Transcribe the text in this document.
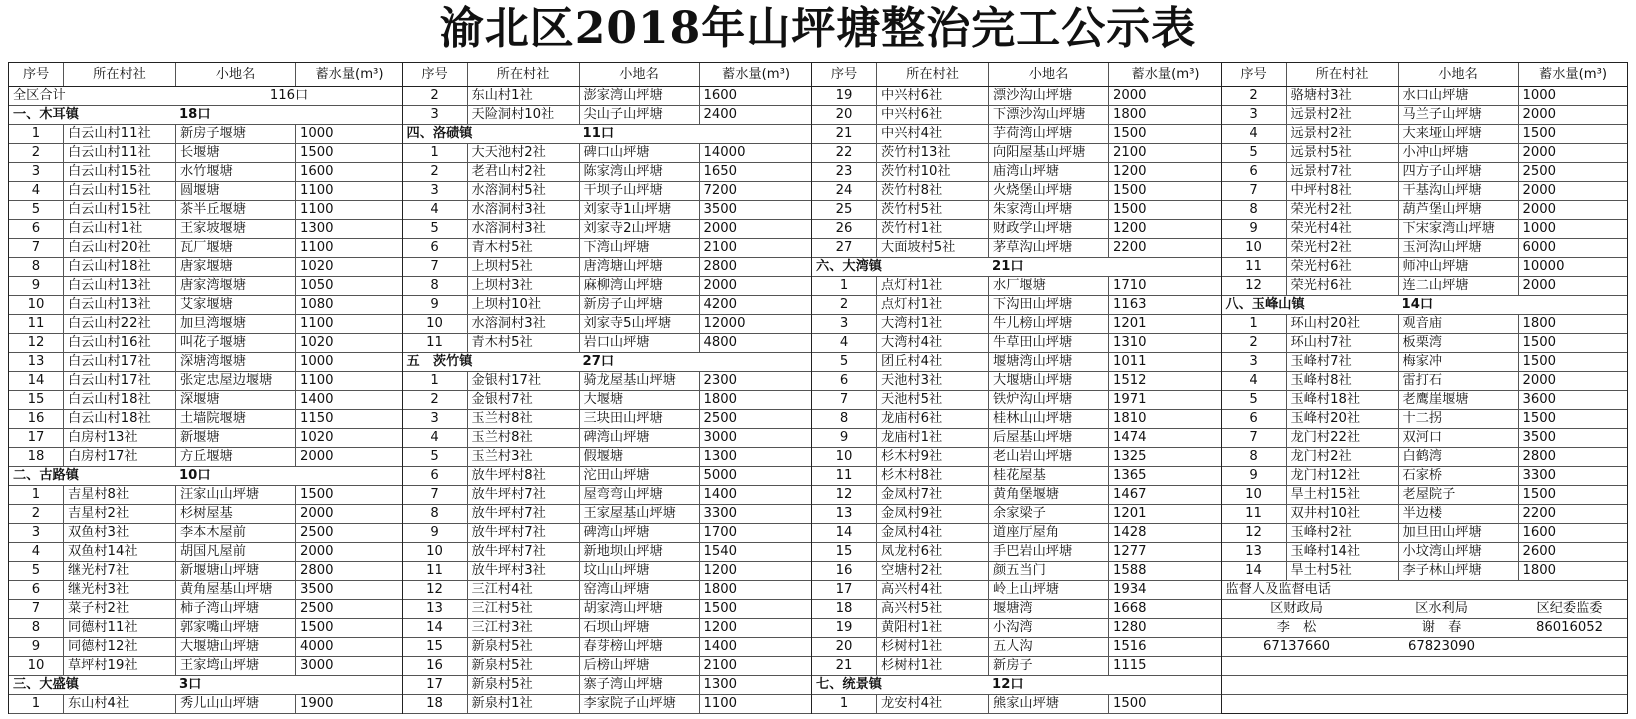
渝北区2018年山坪塘整治完工公示表
序号	所在村社	小地名	蓄水量(m³)
全区合计	116口
一、木耳镇	18口
1	白云山村11社	新房子堰塘	1000
2	白云山村11社	长堰塘	1500
3	白云山村15社	水竹堰塘	1600
4	白云山村15社	圆堰塘	1100
5	白云山村15社	茶半丘堰塘	1100
6	白云山村1社	王家坡堰塘	1300
7	白云山村20社	瓦厂堰塘	1100
8	白云山村18社	唐家堰塘	1020
9	白云山村13社	唐家湾堰塘	1050
10	白云山村13社	艾家堰塘	1080
11	白云山村22社	加旦湾堰塘	1100
12	白云山村16社	叫花子堰塘	1020
13	白云山村17社	深塘湾堰塘	1000
14	白云山村17社	张定忠屋边堰塘	1100
15	白云山村18社	深堰塘	1400
16	白云山村18社	土墙院堰塘	1150
17	白房村13社	新堰塘	1020
18	白房村17社	方丘堰塘	2000
二、古路镇	10口
1	吉星村8社	汪家山山坪塘	1500
2	吉星村2社	杉树屋基	2000
3	双鱼村3社	李本木屋前	2500
4	双鱼村14社	胡国凡屋前	2000
5	继光村7社	新堰塘山坪塘	2800
6	继光村3社	黄角屋基山坪塘	3500
7	菜子村2社	柿子湾山坪塘	2500
8	同德村11社	郭家嘴山坪塘	1500
9	同德村12社	大堰塘山坪塘	4000
10	草坪村19社	王家塆山坪塘	3000
三、大盛镇	3口
1	东山村4社	秀儿山山坪塘	1900
序号	所在村社	小地名	蓄水量(m³)
2	东山村1社	澎家湾山坪塘	1600
3	天险洞村10社	尖山子山坪塘	2400
四、洛碛镇	11口
1	大天池村2社	碑口山坪塘	14000
2	老君山村2社	陈家湾山坪塘	1650
3	水溶洞村5社	干坝子山坪塘	7200
4	水溶洞村3社	刘家寺1山坪塘	3500
5	水溶洞村3社	刘家寺2山坪塘	2000
6	青木村5社	下湾山坪塘	2100
7	上坝村5社	唐湾塘山坪塘	2800
8	上坝村3社	麻柳湾山坪塘	2000
9	上坝村10社	新房子山坪塘	4200
10	水溶洞村3社	刘家寺5山坪塘	12000
11	青木村5社	岩口山坪塘	4800
五　茨竹镇	27口
1	金银村17社	骑龙屋基山坪塘	2300
2	金银村7社	大堰塘	1800
3	玉兰村8社	三块田山坪塘	2500
4	玉兰村8社	碑湾山坪塘	3000
5	玉兰村3社	假堰塘	1300
6	放牛坪村8社	沱田山坪塘	5000
7	放牛坪村7社	屋弯弯山坪塘	1400
8	放牛坪村7社	王家屋基山坪塘	3300
9	放牛坪村7社	碑湾山坪塘	1700
10	放牛坪村7社	新地坝山坪塘	1540
11	放牛坪村3社	坟山山坪塘	1200
12	三江村4社	窑湾山坪塘	1800
13	三江村5社	胡家湾山坪塘	1500
14	三江村3社	石坝山坪塘	1200
15	新泉村5社	春芽榜山坪塘	1400
16	新泉村5社	后榜山坪塘	2100
17	新泉村5社	寨子湾山坪塘	1300
18	新泉村1社	李家院子山坪塘	1100
序号	所在村社	小地名	蓄水量(m³)
19	中兴村6社	漂沙沟山坪塘	2000
20	中兴村6社	下漂沙沟山坪塘	1800
21	中兴村4社	芋荷湾山坪塘	1500
22	茨竹村13社	向阳屋基山坪塘	2100
23	茨竹村10社	庙湾山坪塘	1200
24	茨竹村8社	火烧堡山坪塘	1500
25	茨竹村5社	朱家湾山坪塘	1500
26	茨竹村1社	财政学山坪塘	1200
27	大面坡村5社	茅草沟山坪塘	2200
六、大湾镇	21口
1	点灯村1社	水厂堰塘	1710
2	点灯村1社	下沟田山坪塘	1163
3	大湾村1社	牛儿榜山坪塘	1201
4	大湾村4社	牛草田山坪塘	1310
5	团丘村4社	堰塘湾山坪塘	1011
6	天池村3社	大堰塘山坪塘	1512
7	天池村5社	铁炉沟山坪塘	1971
8	龙庙村6社	桂林山山坪塘	1810
9	龙庙村1社	后屋基山坪塘	1474
10	杉木村9社	老山岩山坪塘	1325
11	杉木村8社	桂花屋基	1365
12	金凤村7社	黄角堡堰塘	1467
13	金凤村9社	余家梁子	1201
14	金凤村4社	道座厅屋角	1428
15	凤龙村6社	手巴岩山坪塘	1277
16	空塘村2社	颜五当门	1588
17	高兴村4社	岭上山坪塘	1934
18	高兴村5社	堰塘湾	1668
19	黄阳村1社	小沟湾	1280
20	杉树村1社	五人沟	1516
21	杉树村1社	新房子	1115
七、统景镇	12口
1	龙安村4社	熊家山坪塘	1500
序号	所在村社	小地名	蓄水量(m³)
2	骆塘村3社	水口山坪塘	1000
3	远景村2社	马兰子山坪塘	2000
4	远景村2社	大来垭山坪塘	1500
5	远景村5社	小冲山坪塘	2000
6	远景村7社	四方子山坪塘	2500
7	中坪村8社	干基沟山坪塘	2000
8	荣光村2社	葫芦堡山坪塘	2000
9	荣光村4社	下宋家湾山坪塘	1000
10	荣光村2社	玉河沟山坪塘	6000
11	荣光村6社	师冲山坪塘	10000
12	荣光村6社	连二山坪塘	2000
八、玉峰山镇	14口
1	环山村20社	观音庙	1800
2	环山村7社	板栗湾	1500
3	玉峰村7社	梅家冲	1500
4	玉峰村8社	雷打石	2000
5	玉峰村18社	老鹰崖堰塘	3600
6	玉峰村20社	十二拐	1500
7	龙门村22社	双河口	3500
8	龙门村2社	白鹤湾	2800
9	龙门村12社	石家桥	3300
10	旱土村15社	老屋院子	1500
11	双井村10社	半边楼	2200
12	玉峰村2社	加旦田山坪塘	1600
13	玉峰村14社	小坟湾山坪塘	2600
14	旱土村5社	李子林山坪塘	1800
监督人及监督电话
区财政局	区水利局	区纪委监委
李　松	谢　春	86016052
67137660	67823090
